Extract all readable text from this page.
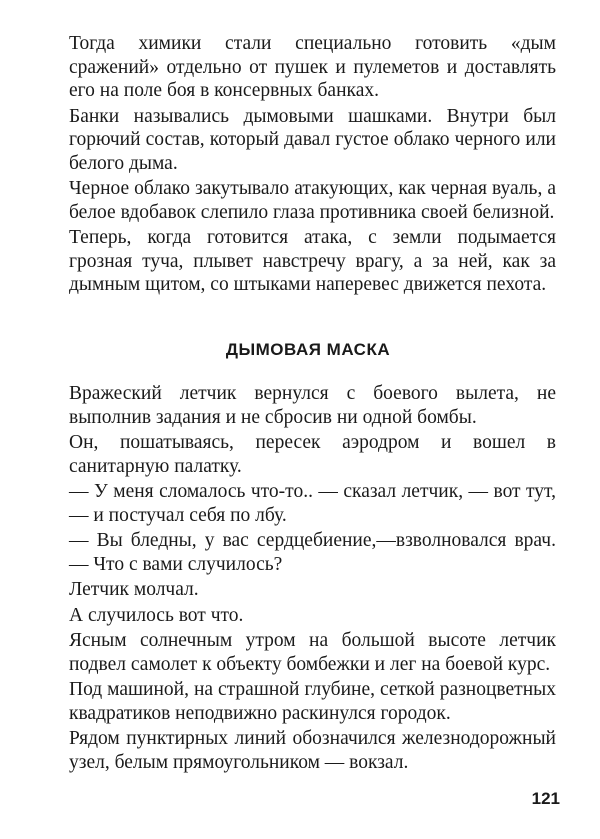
Тогда химики стали специально готовить «дым сражений» отдельно от пушек и пулеметов и доставлять его на поле боя в консервных банках.

Банки назывались дымовыми шашками. Внутри был горючий состав, который давал густое облако черного или белого дыма.

Черное облако закутывало атакующих, как черная вуаль, а белое вдобавок слепило глаза противника своей белизной.

Теперь, когда готовится атака, с земли подымается грозная туча, плывет навстречу врагу, а за ней, как за дымным щитом, со штыками наперевес движется пехота.

ДЫМОВАЯ МАСКА

Вражеский летчик вернулся с боевого вылета, не выполнив задания и не сбросив ни одной бомбы.

Он, пошатываясь, пересек аэродром и вошел в санитарную палатку.

— У меня сломалось что-то.. — сказал летчик, — вот тут, — и постучал себя по лбу.

— Вы бледны, у вас сердцебиение,—взволновался врач. — Что с вами случилось?

Летчик молчал.

А случилось вот что.

Ясным солнечным утром на большой высоте летчик подвел самолет к объекту бомбежки и лег на боевой курс.

Под машиной, на страшной глубине, сеткой разноцветных квадратиков неподвижно раскинулся городок.

Рядом пунктирных линий обозначился железнодорожный узел, белым прямоугольником — вокзал.

121
